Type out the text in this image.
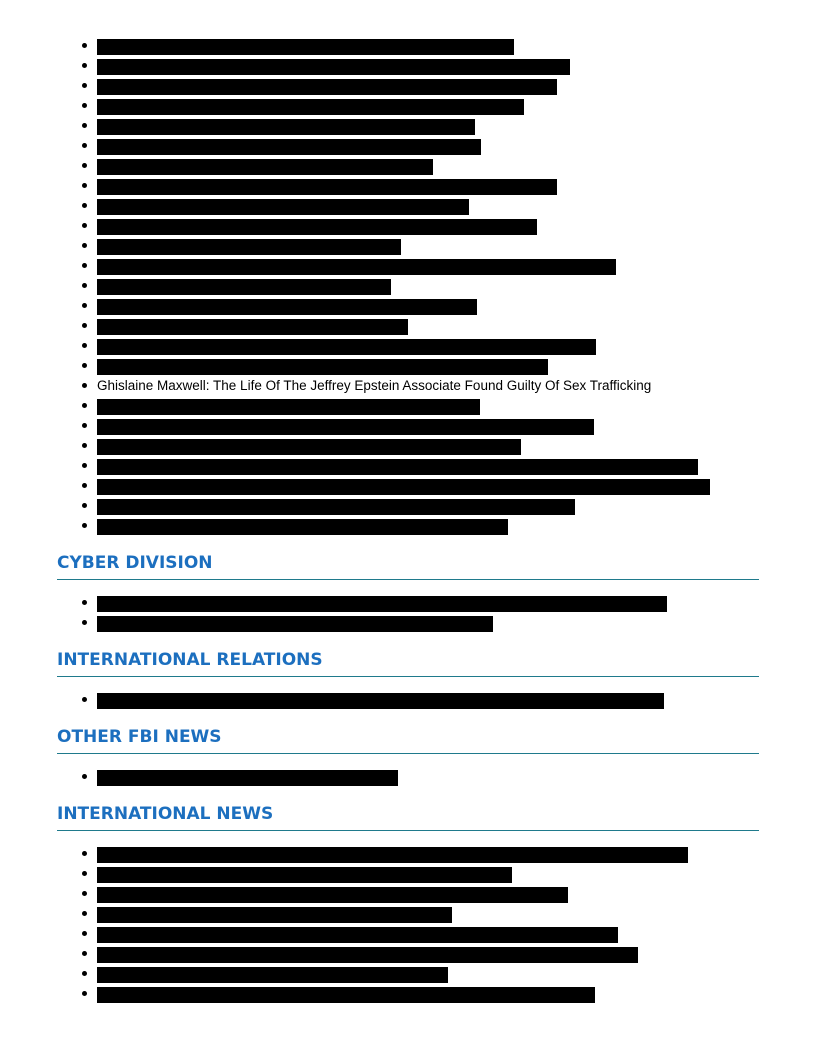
Ghislaine Maxwell: The Life Of The Jeffrey Epstein Associate Found Guilty Of Sex Trafficking
CYBER DIVISION
INTERNATIONAL RELATIONS
OTHER FBI NEWS
INTERNATIONAL NEWS
